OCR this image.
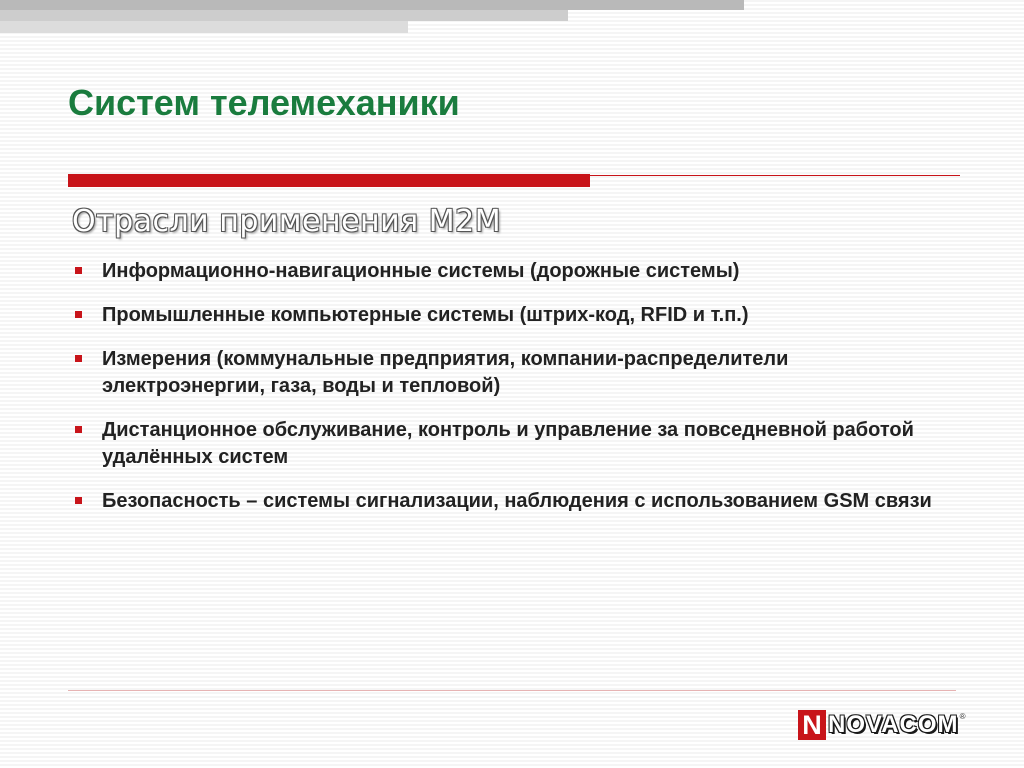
Систем телемеханики
Отрасли применения M2M
Информационно-навигационные системы (дорожные системы)
Промышленные компьютерные системы (штрих-код, RFID и т.п.)
Измерения (коммунальные предприятия, компании-распределители электроэнергии, газа, воды и тепловой)
Дистанционное обслуживание, контроль и управление за повседневной работой удалённых систем
Безопасность – системы сигнализации, наблюдения с использованием GSM связи
N NOVACOM ®
